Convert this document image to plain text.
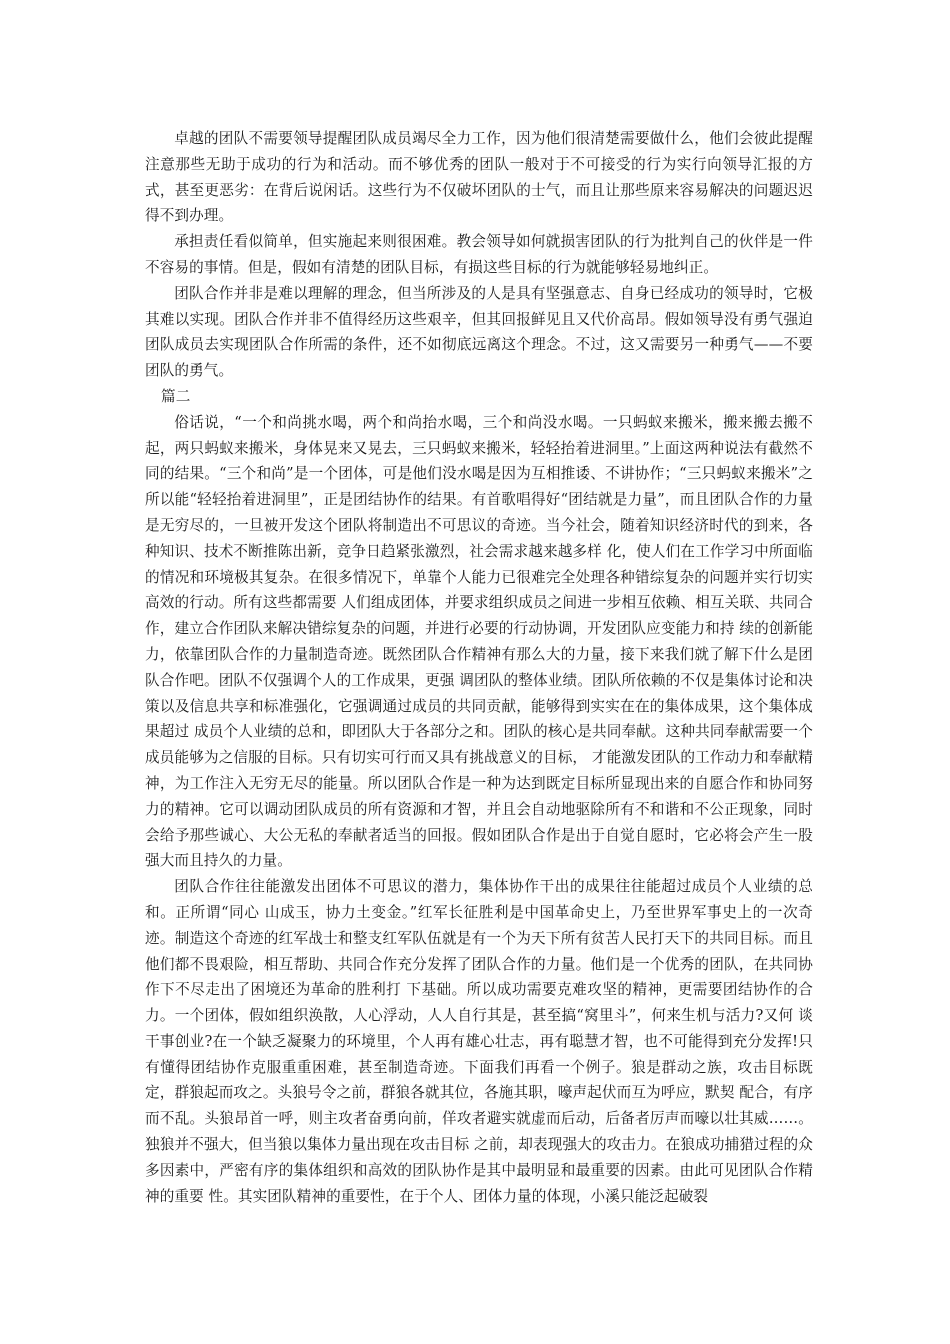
卓越的团队不需要领导提醒团队成员竭尽全力工作，因为他们很清楚需要做什么，他们会彼此提醒注意那些无助于成功的行为和活动。而不够优秀的团队一般对于不可接受的行为实行向领导汇报的方式，甚至更恶劣：在背后说闲话。这些行为不仅破坏团队的士气，而且让那些原来容易解决的问题迟迟得不到办理。

承担责任看似简单，但实施起来则很困难。教会领导如何就损害团队的行为批判自己的伙伴是一件不容易的事情。但是，假如有清楚的团队目标，有损这些目标的行为就能够轻易地纠正。

团队合作并非是难以理解的理念，但当所涉及的人是具有坚强意志、自身已经成功的领导时，它极其难以实现。团队合作并非不值得经历这些艰辛，但其回报鲜见且又代价高昂。假如领导没有勇气强迫团队成员去实现团队合作所需的条件，还不如彻底远离这个理念。不过，这又需要另一种勇气——不要团队的勇气。

篇二

俗话说，“一个和尚挑水喝，两个和尚抬水喝，三个和尚没水喝。一只蚂蚁来搬米，搬来搬去搬不起，两只蚂蚁来搬米，身体晃来又晃去，三只蚂蚁来搬米，轻轻抬着进洞里。”上面这两种说法有截然不同的结果。“三个和尚”是一个团体，可是他们没水喝是因为互相推诿、不讲协作；“三只蚂蚁来搬米”之所以能“轻轻抬着进洞里”，正是团结协作的结果。有首歌唱得好“团结就是力量”，而且团队合作的力量是无穷尽的，一旦被开发这个团队将制造出不可思议的奇迹。当今社会，随着知识经济时代的到来，各种知识、技术不断推陈出新，竞争日趋紧张激烈，社会需求越来越多样 化，使人们在工作学习中所面临的情况和环境极其复杂。在很多情况下，单靠个人能力已很难完全处理各种错综复杂的问题并实行切实高效的行动。所有这些都需要 人们组成团体，并要求组织成员之间进一步相互依赖、相互关联、共同合作，建立合作团队来解决错综复杂的问题，并进行必要的行动协调，开发团队应变能力和持 续的创新能力，依靠团队合作的力量制造奇迹。既然团队合作精神有那么大的力量，接下来我们就了解下什么是团队合作吧。团队不仅强调个人的工作成果，更强 调团队的整体业绩。团队所依赖的不仅是集体讨论和决策以及信息共享和标准强化，它强调通过成员的共同贡献，能够得到实实在在的集体成果，这个集体成果超过 成员个人业绩的总和，即团队大于各部分之和。团队的核心是共同奉献。这种共同奉献需要一个成员能够为之信服的目标。只有切实可行而又具有挑战意义的目标， 才能激发团队的工作动力和奉献精神，为工作注入无穷无尽的能量。所以团队合作是一种为达到既定目标所显现出来的自愿合作和协同努力的精神。它可以调动团队成员的所有资源和才智，并且会自动地驱除所有不和谐和不公正现象，同时会给予那些诚心、大公无私的奉献者适当的回报。假如团队合作是出于自觉自愿时，它必将会产生一股强大而且持久的力量。

团队合作往往能激发出团体不可思议的潜力，集体协作干出的成果往往能超过成员个人业绩的总和。正所谓“同心 山成玉，协力土变金。”红军长征胜利是中国革命史上，乃至世界军事史上的一次奇迹。制造这个奇迹的红军战士和整支红军队伍就是有一个为天下所有贫苦人民打天下的共同目标。而且他们都不畏艰险，相互帮助、共同合作充分发挥了团队合作的力量。他们是一个优秀的团队，在共同协作下不尽走出了困境还为革命的胜利打 下基础。所以成功需要克难攻坚的精神，更需要团结协作的合力。一个团体，假如组织涣散，人心浮动，人人自行其是，甚至搞“窝里斗”，何来生机与活力?又何 谈干事创业?在一个缺乏凝聚力的环境里，个人再有雄心壮志，再有聪慧才智，也不可能得到充分发挥!只有懂得团结协作克服重重困难，甚至制造奇迹。下面我们再看一个例子。狼是群动之族，攻击目标既定，群狼起而攻之。头狼号令之前，群狼各就其位，各施其职，嚎声起伏而互为呼应，默契 配合，有序而不乱。头狼昂首一呼，则主攻者奋勇向前，佯攻者避实就虚而后动，后备者厉声而嚎以壮其威……。独狼并不强大，但当狼以集体力量出现在攻击目标 之前，却表现强大的攻击力。在狼成功捕猎过程的众多因素中，严密有序的集体组织和高效的团队协作是其中最明显和最重要的因素。由此可见团队合作精神的重要 性。其实团队精神的重要性，在于个人、团体力量的体现，小溪只能泛起破裂
